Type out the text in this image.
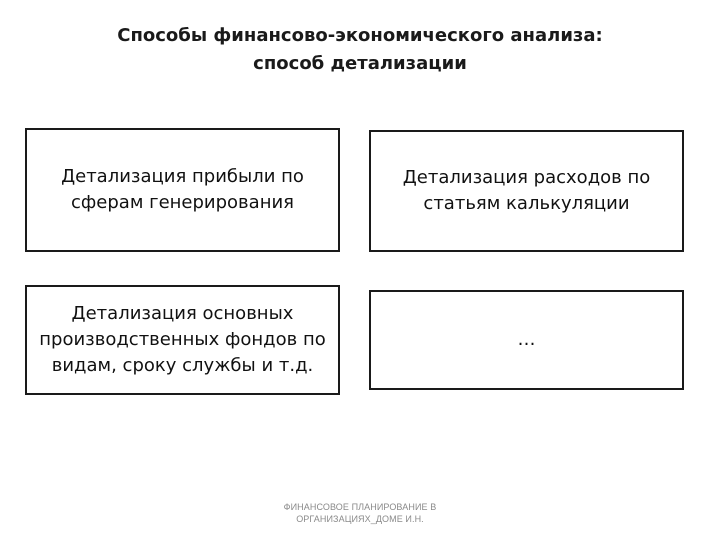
Способы финансово-экономического анализа:
способ детализации
Детализация прибыли по сферам генерирования
Детализация расходов по статьям калькуляции
Детализация основных производственных фондов по видам, сроку службы и т.д.
…
ФИНАНСОВОЕ ПЛАНИРОВАНИЕ В
ОРГАНИЗАЦИЯХ_ДОМЕ И.Н.
